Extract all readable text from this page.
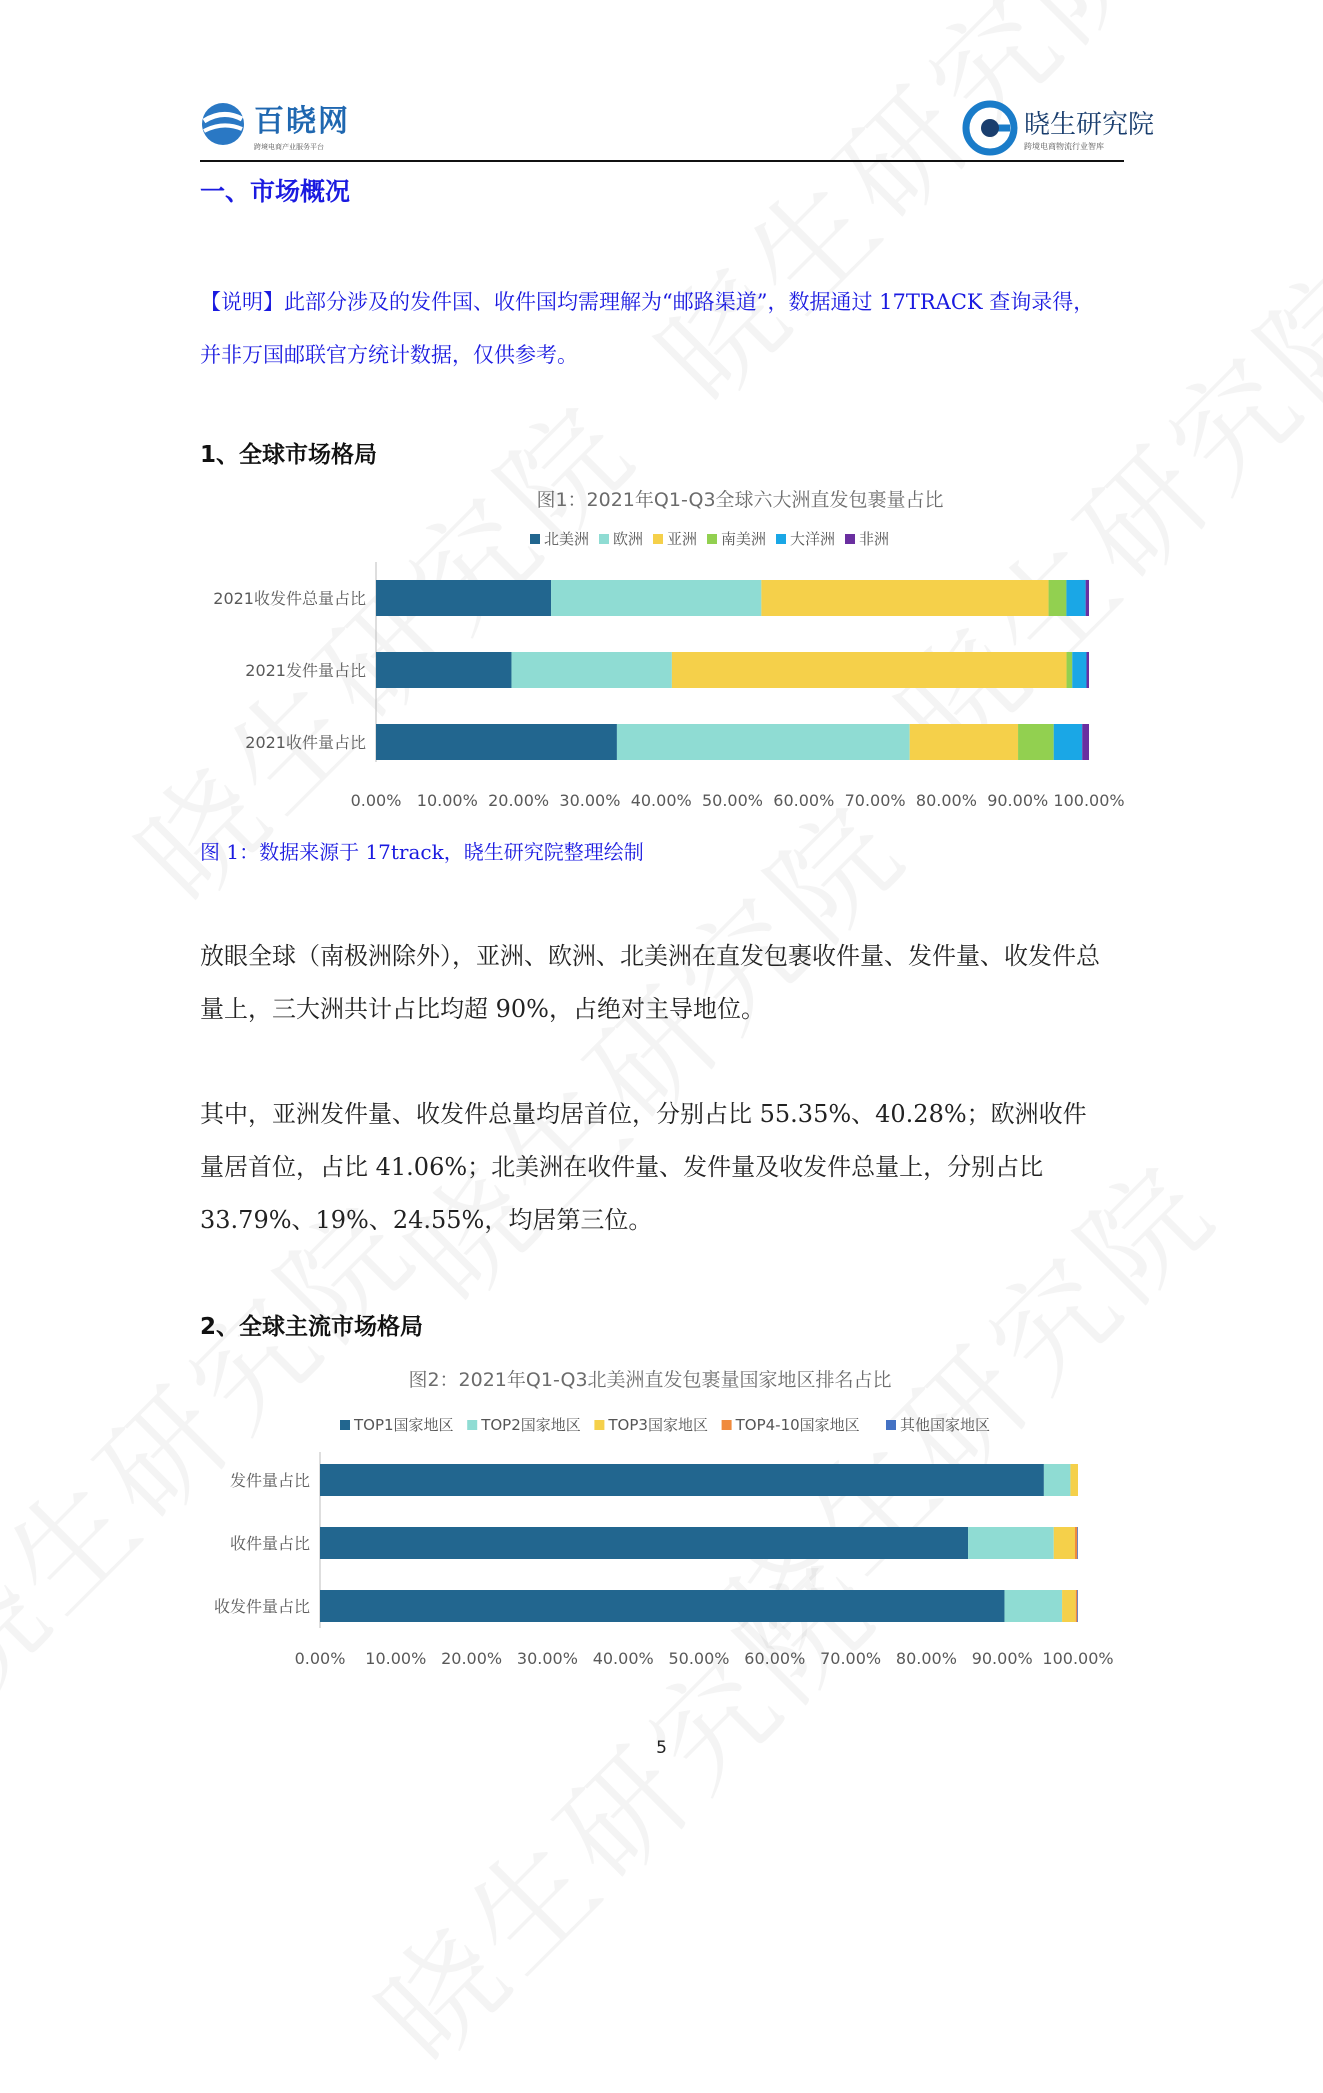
百晓网
跨境电商产业服务平台
晓生研究院
跨境电商物流行业智库
一、市场概况
【说明】此部分涉及的发件国、收件国均需理解为“邮路渠道”，数据通过 17TRACK 查询录得，并非万国邮联官方统计数据，仅供参考。
1、全球市场格局
图1：2021年Q1-Q3全球六大洲直发包裹量占比
北美洲 欧洲 亚洲 南美洲 大洋洲 非洲
2021收发件总量占比
2021发件量占比
2021收件量占比
0.00% 10.00% 20.00% 30.00% 40.00% 50.00% 60.00% 70.00% 80.00% 90.00% 100.00%
图 1：数据来源于 17track，晓生研究院整理绘制
放眼全球（南极洲除外），亚洲、欧洲、北美洲在直发包裹收件量、发件量、收发件总量上，三大洲共计占比均超 90%，占绝对主导地位。
其中，亚洲发件量、收发件总量均居首位，分别占比 55.35%、40.28%；欧洲收件量居首位，占比 41.06%；北美洲在收件量、发件量及收发件总量上，分别占比 33.79%、19%、24.55%，均居第三位。
2、全球主流市场格局
图2：2021年Q1-Q3北美洲直发包裹量国家地区排名占比
TOP1国家地区 TOP2国家地区 TOP3国家地区 TOP4-10国家地区	其他国家地区
发件量占比
收件量占比
收发件量占比
0.00% 10.00% 20.00% 30.00% 40.00% 50.00% 60.00% 70.00% 80.00% 90.00% 100.00%
5
